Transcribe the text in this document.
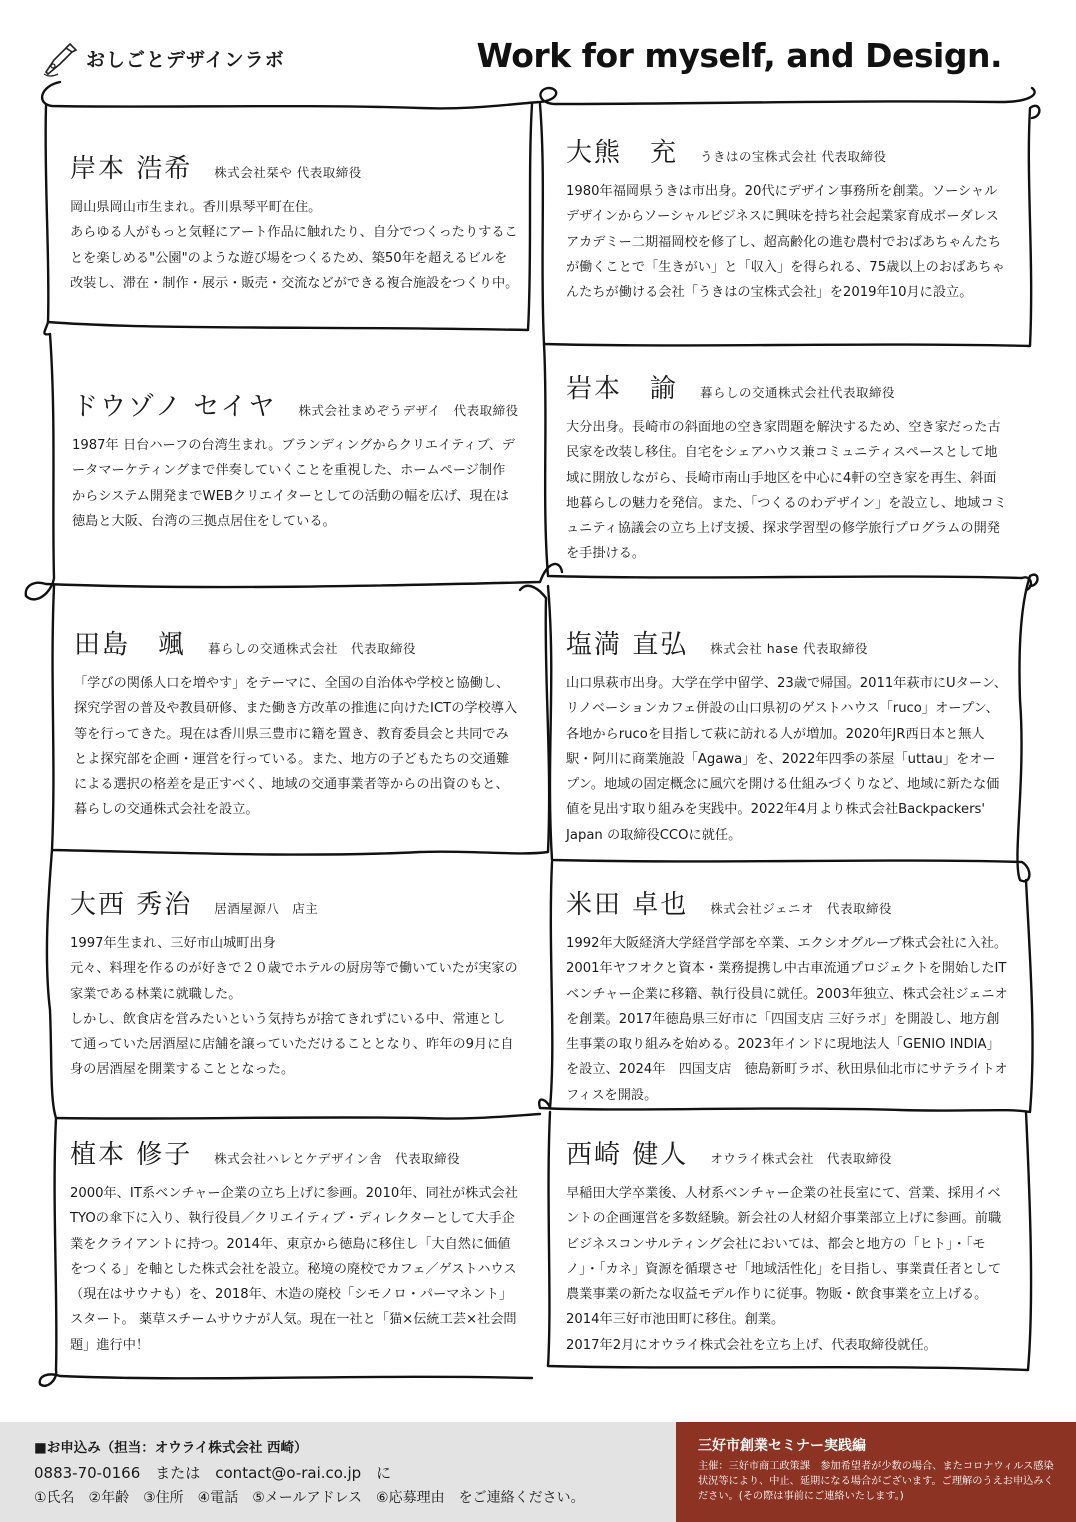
おしごとデザインラボ	Work for myself, and Design.
岸本 浩希 株式会社栞や 代表取締役

岡山県岡山市生まれ。香川県琴平町在住。
あらゆる人がもっと気軽にアート作品に触れたり、自分でつくったりすることを楽しめる"公園"のような遊び場をつくるため、築50年を超えるビルを改装し、滞在・制作・展示・販売・交流などができる複合施設をつくり中。

大熊　充 うきはの宝株式会社 代表取締役

1980年福岡県うきは市出身。20代にデザイン事務所を創業。ソーシャルデザインからソーシャルビジネスに興味を持ち社会起業家育成ボーダレスアカデミー二期福岡校を修了し、超高齢化の進む農村でおばあちゃんたちが働くことで「生きがい」と「収入」を得られる、75歳以上のおばあちゃんたちが働ける会社「うきはの宝株式会社」を2019年10月に設立。

ドウゾノ セイヤ 株式会社まめぞうデザイ　代表取締役

1987年 日台ハーフの台湾生まれ。ブランディングからクリエイティブ、データマーケティングまで伴奏していくことを重視した、ホームページ制作からシステム開発までWEBクリエイターとしての活動の幅を広げ、現在は徳島と大阪、台湾の三拠点居住をしている。

岩本　諭 暮らしの交通株式会社代表取締役

大分出身。長崎市の斜面地の空き家問題を解決するため、空き家だった古民家を改装し移住。自宅をシェアハウス兼コミュニティスペースとして地域に開放しながら、長崎市南山手地区を中心に4軒の空き家を再生、斜面地暮らしの魅力を発信。また、「つくるのわデザイン」を設立し、地域コミュニティ協議会の立ち上げ支援、探求学習型の修学旅行プログラムの開発を手掛ける。

田島　颯 暮らしの交通株式会社　代表取締役

「学びの関係人口を増やす」をテーマに、全国の自治体や学校と協働し、探究学習の普及や教員研修、また働き方改革の推進に向けたICTの学校導入等を行ってきた。現在は香川県三豊市に籍を置き、教育委員会と共同でみとよ探究部を企画・運営を行っている。また、地方の子どもたちの交通難による選択の格差を是正すべく、地域の交通事業者等からの出資のもと、暮らしの交通株式会社を設立。

塩満 直弘 株式会社 hase 代表取締役

山口県萩市出身。大学在学中留学、23歳で帰国。2011年萩市にUターン、リノベーションカフェ併設の山口県初のゲストハウス「ruco」オープン、各地からrucoを目指して萩に訪れる人が増加。2020年JR西日本と無人駅・阿川に商業施設「Agawa」を、2022年四季の茶屋「uttau」をオープン。地域の固定概念に風穴を開ける仕組みづくりなど、地域に新たな価値を見出す取り組みを実践中。2022年4月より株式会社Backpackers' Japan の取締役CCOに就任。

大西 秀治 居酒屋源八　店主

1997年生まれ、三好市山城町出身
元々、料理を作るのが好きで２０歳でホテルの厨房等で働いていたが実家の家業である林業に就職した。
しかし、飲食店を営みたいという気持ちが捨てきれずにいる中、常連として通っていた居酒屋に店舗を譲っていただけることとなり、昨年の9月に自身の居酒屋を開業することとなった。

米田 卓也 株式会社ジェニオ　代表取締役

1992年大阪経済大学経営学部を卒業、エクシオグループ株式会社に入社。2001年ヤフオクと資本・業務提携し中古車流通プロジェクトを開始したITベンチャー企業に移籍、執行役員に就任。2003年独立、株式会社ジェニオを創業。2017年徳島県三好市に「四国支店 三好ラボ」を開設し、地方創生事業の取り組みを始める。2023年インドに現地法人「GENIO INDIA」を設立、2024年　四国支店　徳島新町ラボ、秋田県仙北市にサテライトオフィスを開設。

植本 修子 株式会社ハレとケデザイン舎　代表取締役

2000年、IT系ベンチャー企業の立ち上げに参画。2010年、同社が株式会社TYOの傘下に入り、執行役員／クリエイティブ・ディレクターとして大手企業をクライアントに持つ。2014年、東京から徳島に移住し「大自然に価値をつくる」を軸とした株式会社を設立。秘境の廃校でカフェ／ゲストハウス（現在はサウナも）を、2018年、木造の廃校「シモノロ・パーマネント」スタート。 薬草スチームサウナが人気。現在一社と「猫×伝統工芸×社会問題」進行中！

西崎 健人 オウライ株式会社　代表取締役

早稲田大学卒業後、人材系ベンチャー企業の社長室にて、営業、採用イベントの企画運営を多数経験。新会社の人材紹介事業部立上げに参画。前職ビジネスコンサルティング会社においては、都会と地方の「ヒト」・「モノ」・「カネ」資源を循環させ「地域活性化」を目指し、事業責任者として農業事業の新たな収益モデル作りに従事。物販・飲食事業を立上げる。2014年三好市池田町に移住。創業。
2017年2月にオウライ株式会社を立ち上げ、代表取締役就任。

■お申込み（担当：オウライ株式会社 西崎）
0883-70-0166　または　contact@o-rai.co.jp　に
①氏名　②年齢　③住所　④電話　⑤メールアドレス　⑥応募理由　をご連絡ください。
三好市創業セミナー実践編
主催：三好市商工政策課　参加希望者が少数の場合、またコロナウィルス感染状況等により、中止、延期になる場合がございます。ご理解のうえお申込みください。(その際は事前にご連絡いたします。)
